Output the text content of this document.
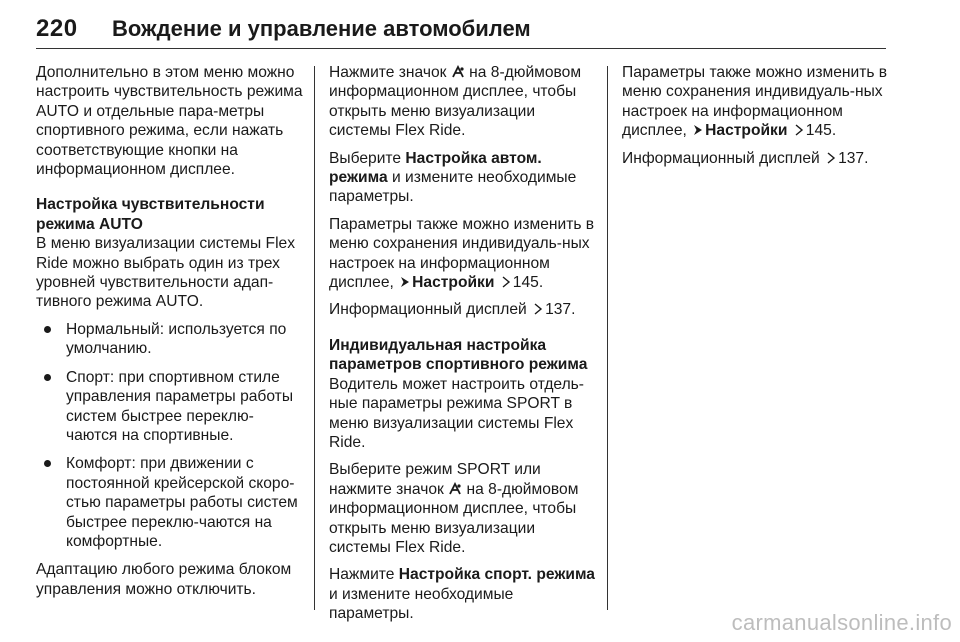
220 Вождение и управление автомобилем

Дополнительно в этом меню можно настроить чувствительность режима AUTO и отдельные пара-метры спортивного режима, если нажать соответствующие кнопки на информационном дисплее.

Настройка чувствительности режима AUTO

В меню визуализации системы Flex Ride можно выбрать один из трех уровней чувствительности адап-тивного режима AUTO.

Нормальный: используется по умолчанию.
Спорт: при спортивном стиле управления параметры работы систем быстрее переклю-чаются на спортивные.
Комфорт: при движении с постоянной крейсерской скоро-стью параметры работы систем быстрее переклю-чаются на комфортные.

Адаптацию любого режима блоком управления можно отключить.

Нажмите значок на 8-дюймовом информационном дисплее, чтобы открыть меню визуализации системы Flex Ride.

Выберите Настройка автом. режима и измените необходимые параметры.

Параметры также можно изменить в меню сохранения индивидуаль-ных настроек на информационном дисплее, Настройки 145.

Информационный дисплей 137.

Индивидуальная настройка параметров спортивного режима

Водитель может настроить отдель-ные параметры режима SPORT в меню визуализации системы Flex Ride.

Выберите режим SPORT или нажмите значок на 8-дюймовом информационном дисплее, чтобы открыть меню визуализации системы Flex Ride.

Нажмите Настройка спорт. режима и измените необходимые параметры.

Параметры также можно изменить в меню сохранения индивидуаль-ных настроек на информационном дисплее, Настройки 145.

Информационный дисплей 137.

carmanualsonline.info
